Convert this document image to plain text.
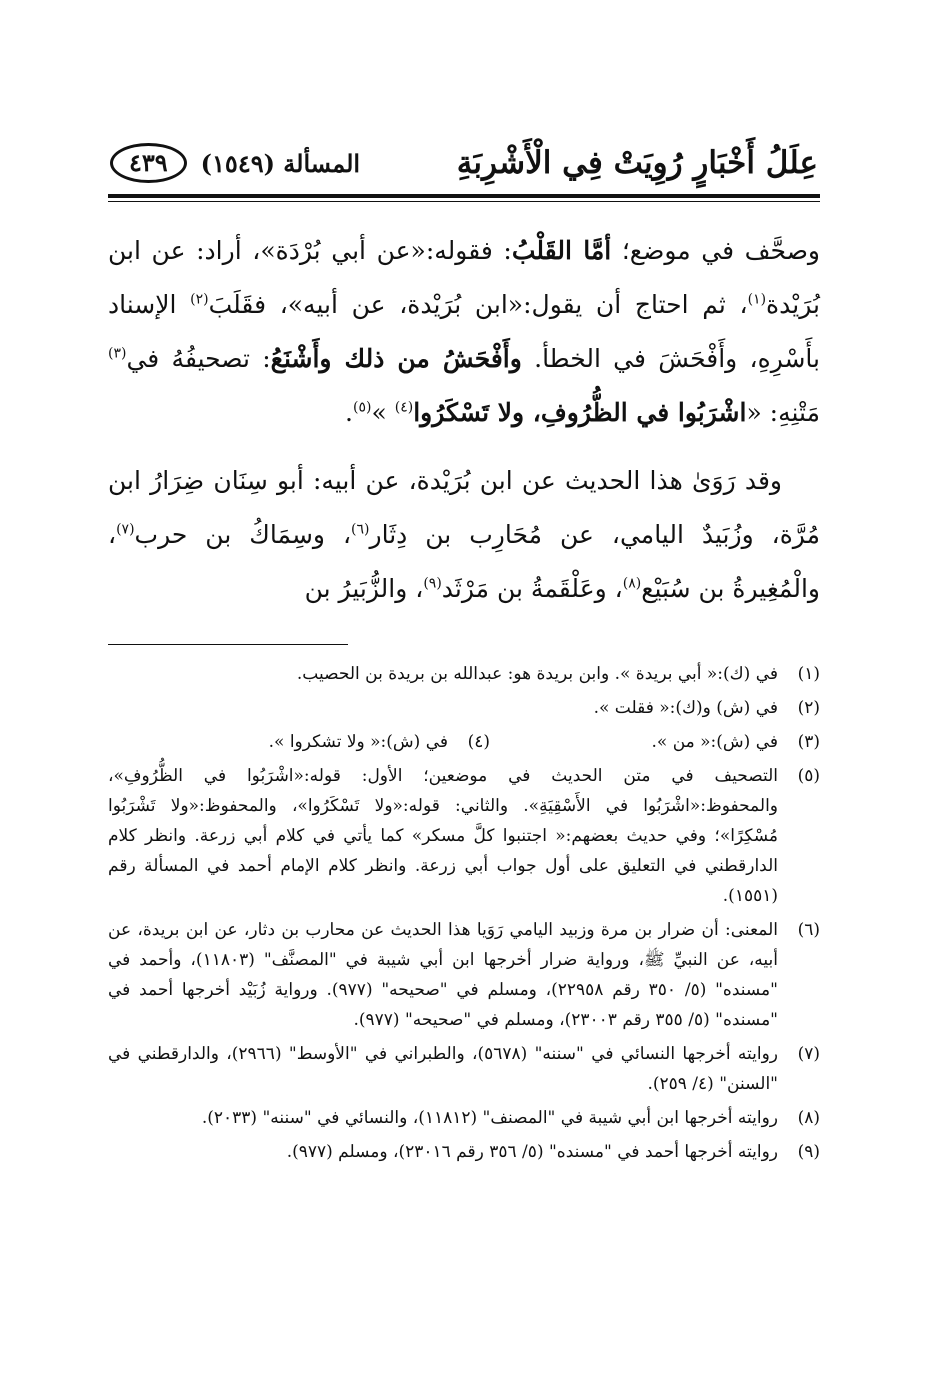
عِلَلُ أَخْبَارٍ رُوِيَتْ فِي الْأَشْرِبَةِ
المسألة (١٥٤٩)
٤٣٩

وصحَّف في موضع؛ أمَّا القَلْبُ: فقوله:«عن أبي بُرْدَة»، أراد: عن ابن بُرَيْدة$^{(١)}$، ثم احتاج أن يقول:«ابن بُرَيْدة، عن أبيه»، فقَلَبَ$^{(٢)}$ الإسناد بأَسْرِهِ، وأَفْحَشَ في الخطأ. وأَفْحَشُ من ذلك وأَشْنَعُ: تصحيفُهُ في$^{(٣)}$ مَتْنِهِ: «اشْرَبُوا في الظُّرُوفِ، ولا تَسْكَرُوا$^{(٤)}$ »$^{(٥)}$.

وقد رَوَىٰ هذا الحديث عن ابن بُرَيْدة، عن أبيه: أبو سِنَان ضِرَارُ ابن مُرَّة، وزُبَيدٌ اليامي، عن مُحَارِب بن دِثَار$^{(٦)}$، وسِمَاكُ بن حرب$^{(٧)}$، والْمُغِيرةُ بن سُبَيْع$^{(٨)}$، وعَلْقَمةُ بن مَرْثَد$^{(٩)}$، والزُّبَيرُ بن

(١)
في (ك):« أبي بريدة ». وابن بريدة هو: عبدالله بن بريدة بن الحصيب.
(٢)
في (ش) و(ك):« فقلت ».
(٣)
في (ش):« من ».
(٤)
في (ش):« ولا تشكروا ».
(٥)
التصحيف في متن الحديث في موضعين؛ الأول: قوله:«اشْرَبُوا في الظُّرُوفِ»، والمحفوظ:«اشْرَبُوا في الأَسْقِيَةِ». والثاني: قوله:«ولا تَسْكَرُوا»، والمحفوظ:«ولا تَشْرَبُوا مُسْكِرًا»؛ وفي حديث بعضهم:« اجتنبوا كلَّ مسكر» كما يأتي في كلام أبي زرعة. وانظر كلام الدارقطني في التعليق على أول جواب أبي زرعة. وانظر كلام الإمام أحمد في المسألة رقم (١٥٥١).
(٦)
المعنى: أن ضرار بن مرة وزبيد اليامي رَوَيا هذا الحديث عن محارب بن دثار، عن ابن بريدة، عن أبيه، عن النبيِّ ﷺ، ورواية ضرار أخرجها ابن أبي شيبة في "المصنَّف" (١١٨٠٣)، وأحمد في "مسنده" (٥/ ٣٥٠ رقم ٢٢٩٥٨)، ومسلم في "صحيحه" (٩٧٧). ورواية زُبَيْد أخرجها أحمد في "مسنده" (٥/ ٣٥٥ رقم ٢٣٠٠٣)، ومسلم في "صحيحه" (٩٧٧).
(٧)
روايته أخرجها النسائي في "سننه" (٥٦٧٨)، والطبراني في "الأوسط" (٢٩٦٦)، والدارقطني في "السنن" (٤/ ٢٥٩).
(٨)
روايته أخرجها ابن أبي شيبة في "المصنف" (١١٨١٢)، والنسائي في "سننه" (٢٠٣٣).
(٩)
روايته أخرجها أحمد في "مسنده" (٥/ ٣٥٦ رقم ٢٣٠١٦)، ومسلم (٩٧٧).
